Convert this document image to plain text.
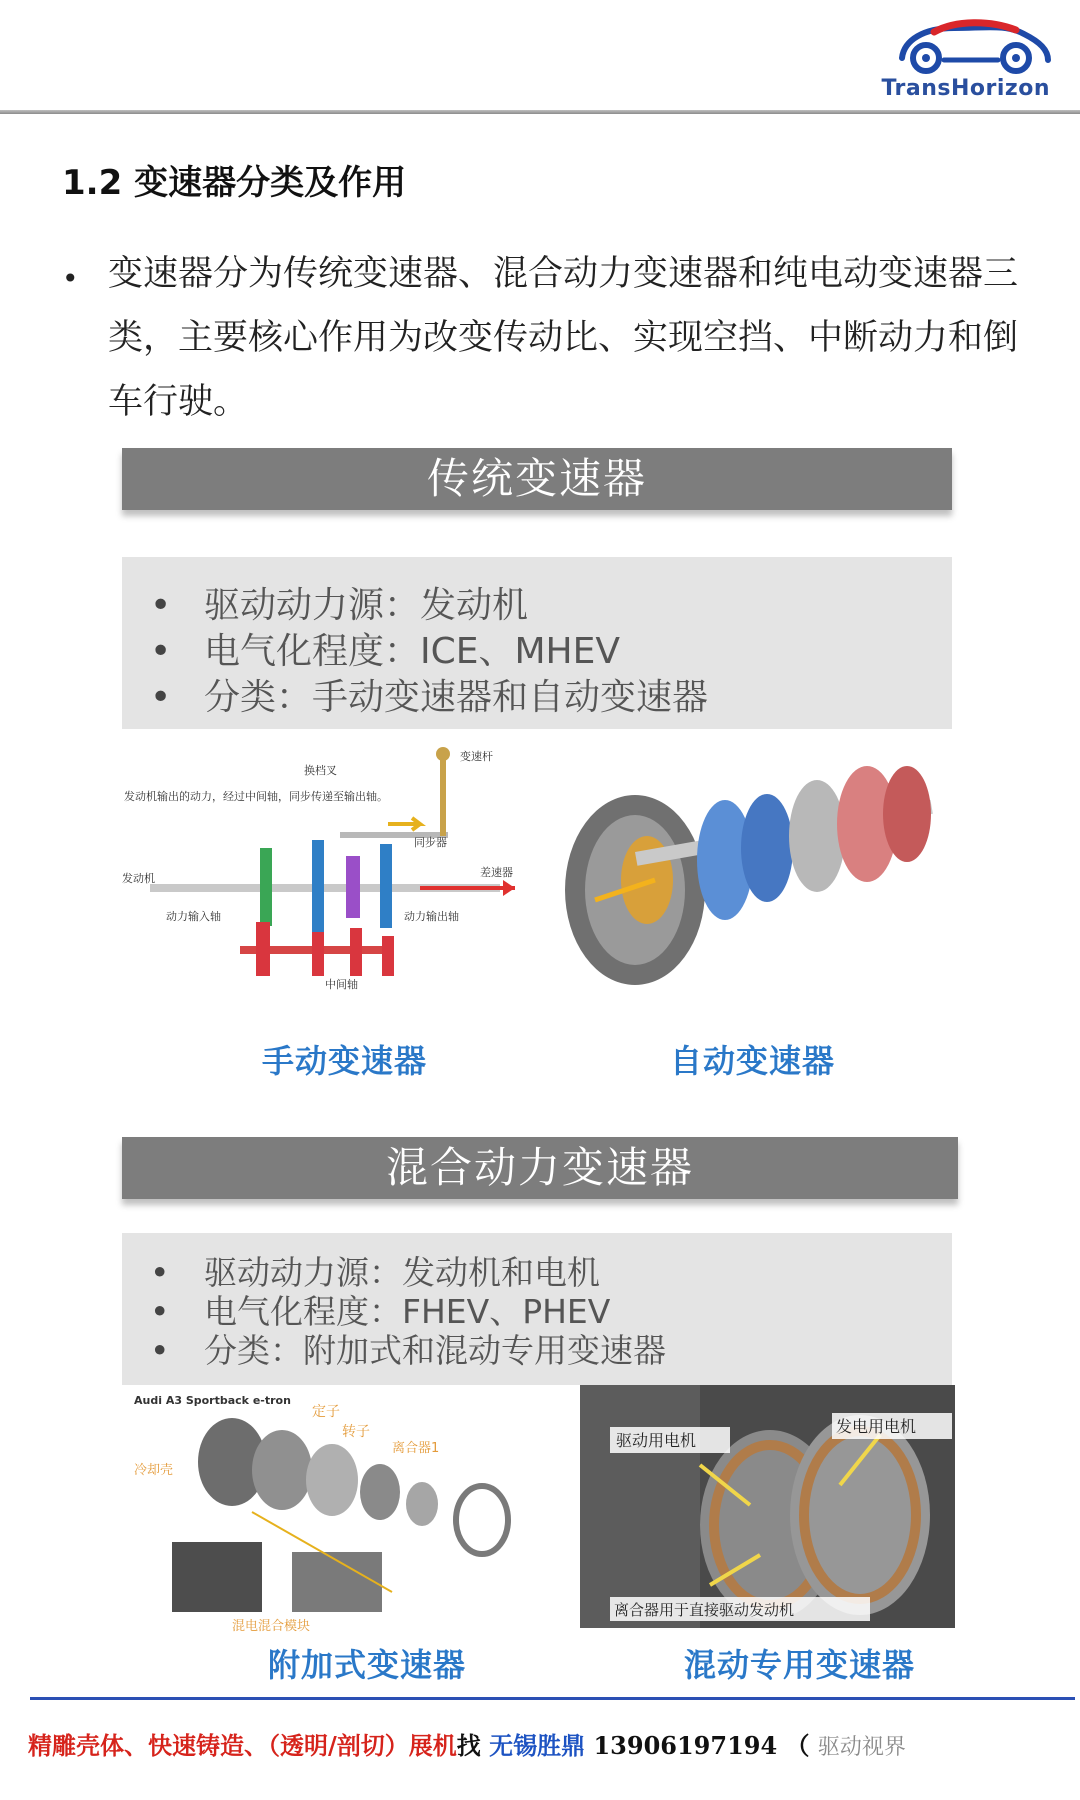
TransHorizon
1.2 变速器分类及作用
• 变速器分为传统变速器、混合动力变速器和纯电动变速器三类，主要核心作用为改变传动比、实现空挡、中断动力和倒车行驶。
传统变速器
• 驱动动力源：发动机
• 电气化程度：ICE、MHEV
• 分类：手动变速器和自动变速器
发动机输出的动力，经过中间轴，同步传递至输出轴。
换档叉
变速杆
发动机
同步器
差速器
动力输入轴	动力输出轴
中间轴
手动变速器	自动变速器
混合动力变速器
• 驱动动力源：发动机和电机
• 电气化程度：FHEV、PHEV
• 分类：附加式和混动专用变速器
Audi A3 Sportback e-tron
定子
转子
离合器1
冷却壳
混电混合模块
驱动用电机
发电用电机
离合器用于直接驱动发动机
附加式变速器	混动专用变速器
精雕壳体、快速铸造、（透明/剖切）展机找 无锡胜鼎 13906197194 （ 驱动视界
